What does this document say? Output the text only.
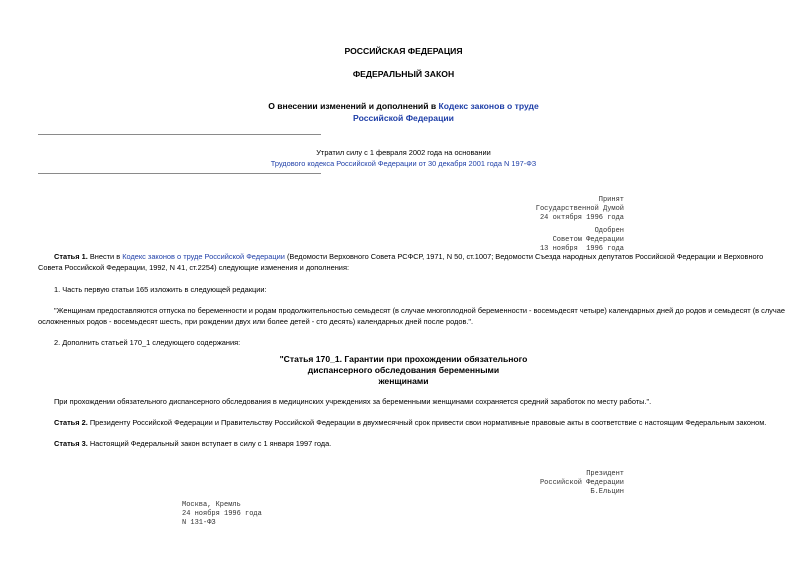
РОССИЙСКАЯ ФЕДЕРАЦИЯ
ФЕДЕРАЛЬНЫЙ ЗАКОН
О внесении изменений и дополнений в Кодекс законов о труде
Российской Федерации
Утратил силу с 1 февраля 2002 года на основании
Трудового кодекса Российской Федерации от 30 декабря 2001 года N 197-ФЗ
Принят
Государственной Думой
24 октября 1996 года
Одобрен
Советом Федерации
13 ноября  1996 года
Статья 1. Внести в Кодекс законов о труде Российской Федерации (Ведомости Верховного Совета РСФСР, 1971, N 50, ст.1007; Ведомости Съезда народных депутатов Российской Федерации и Верховного
Совета Российской Федерации, 1992, N 41, ст.2254) следующие изменения и дополнения:
1. Часть первую статьи 165 изложить в следующей редакции:
"Женщинам предоставляются отпуска по беременности и родам продолжительностью семьдесят (в случае многоплодной беременности - восемьдесят четыре) календарных дней до родов и семьдесят (в случае
осложненных родов - восемьдесят шесть, при рождении двух или более детей - сто десять) календарных дней после родов.".
2. Дополнить статьей 170_1 следующего содержания:
"Статья 170_1. Гарантии при прохождении обязательного
диспансерного обследования беременными
женщинами
При прохождении обязательного диспансерного обследования в медицинских учреждениях за беременными женщинами сохраняется средний заработок по месту работы.".
Статья 2. Президенту Российской Федерации и Правительству Российской Федерации в двухмесячный срок привести свои нормативные правовые акты в соответствие с настоящим Федеральным законом.
Статья 3. Настоящий Федеральный закон вступает в силу с 1 января 1997 года.
Президент
Российской Федерации
Б.Ельцин
Москва, Кремль
24 ноября 1996 года
N 131-ФЗ
